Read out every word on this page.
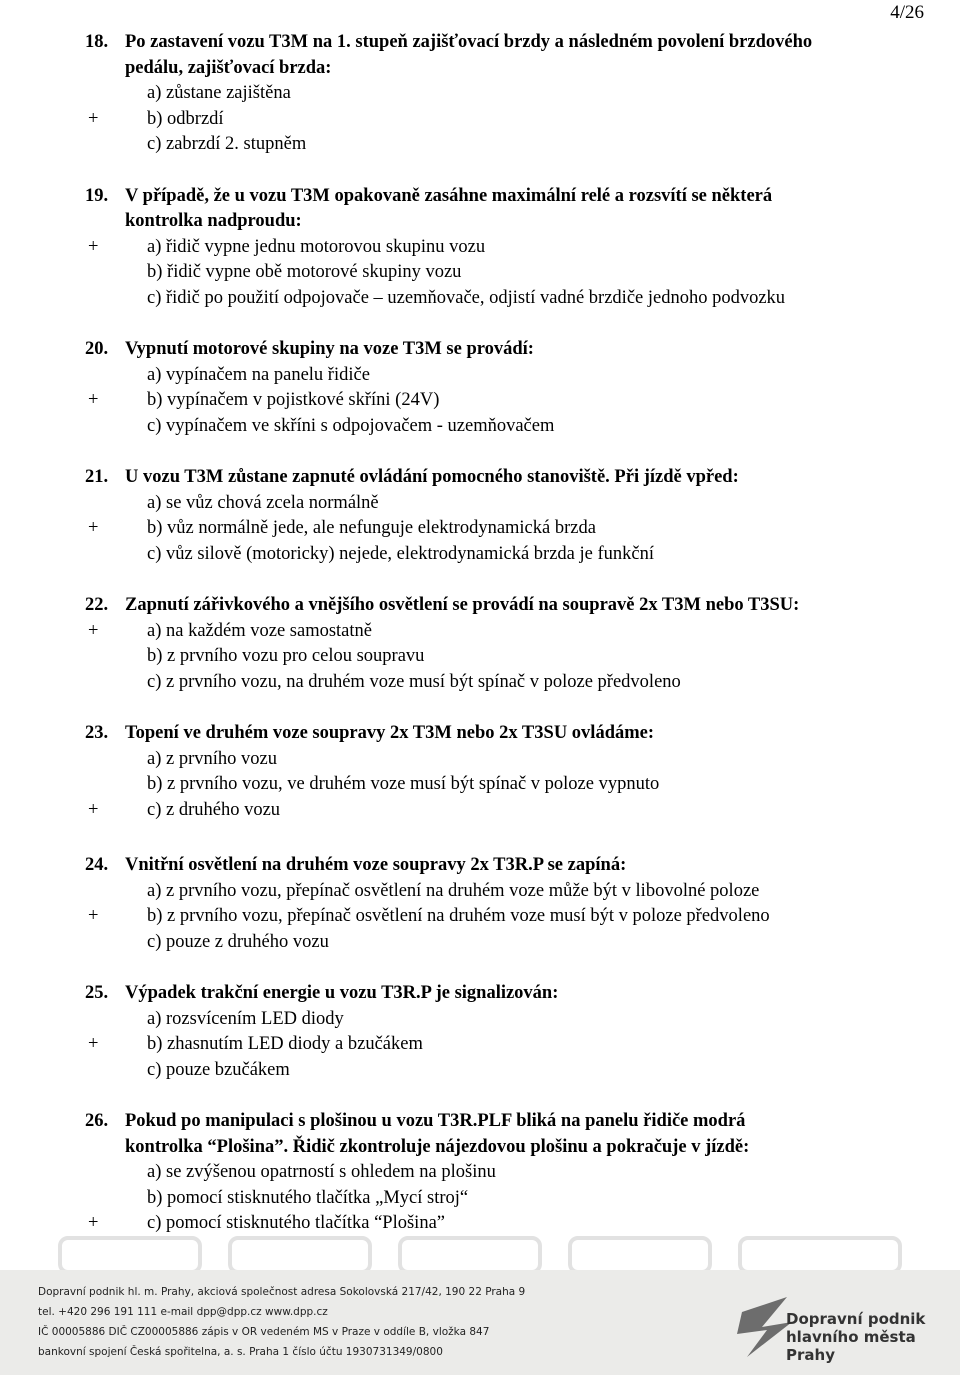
4/26
18. Po zastavení vozu T3M na 1. stupeň zajišťovací brzdy a následném povolení brzdového
pedálu, zajišťovací brzda:
a) zůstane zajištěna
+	b) odbrzdí
c) zabrzdí 2. stupněm
19. V případě, že u vozu T3M opakovaně zasáhne maximální relé a rozsvítí se některá
kontrolka nadproudu:
+	a) řidič vypne jednu motorovou skupinu vozu
b) řidič vypne obě motorové skupiny vozu
c) řidič po použití odpojovače – uzemňovače, odjistí vadné brzdiče jednoho podvozku
20. Vypnutí motorové skupiny na voze T3M se provádí:
a) vypínačem na panelu řidiče
+	b) vypínačem v pojistkové skříni (24V)
c) vypínačem ve skříni s odpojovačem - uzemňovačem
21. U vozu T3M zůstane zapnuté ovládání pomocného stanoviště. Při jízdě vpřed:
a) se vůz chová zcela normálně
+	b) vůz normálně jede, ale nefunguje elektrodynamická brzda
c) vůz silově (motoricky) nejede, elektrodynamická brzda je funkční
22. Zapnutí zářivkového a vnějšího osvětlení se provádí na soupravě 2x T3M nebo T3SU:
+	a) na každém voze samostatně
b) z prvního vozu pro celou soupravu
c) z prvního vozu, na druhém voze musí být spínač v poloze předvoleno
23. Topení ve druhém voze soupravy 2x T3M nebo 2x T3SU ovládáme:
a) z prvního vozu
b) z prvního vozu, ve druhém voze musí být spínač v poloze vypnuto
+	c) z druhého vozu
24. Vnitřní osvětlení na druhém voze soupravy 2x T3R.P se zapíná:
a) z prvního vozu, přepínač osvětlení na druhém voze může být v libovolné poloze
+	b) z prvního vozu, přepínač osvětlení na druhém voze musí být v poloze předvoleno
c) pouze z druhého vozu
25. Výpadek trakční energie u vozu T3R.P je signalizován:
a) rozsvícením LED diody
+	b) zhasnutím LED diody a bzučákem
c) pouze bzučákem
26. Pokud po manipulaci s plošinou u vozu T3R.PLF bliká na panelu řidiče modrá
kontrolka “Plošina”. Řidič zkontroluje nájezdovou plošinu a pokračuje v jízdě:
a) se zvýšenou opatrností s ohledem na plošinu
b) pomocí stisknutého tlačítka „Mycí stroj“
+	c) pomocí stisknutého tlačítka “Plošina”
Dopravní podnik hl. m. Prahy, akciová společnost adresa Sokolovská 217/42, 190 22 Praha 9
tel. +420 296 191 111 e-mail dpp@dpp.cz www.dpp.cz
IČ 00005886 DIČ CZ00005886 zápis v OR vedeném MS v Praze v oddíle B, vložka 847
bankovní spojení Česká spořitelna, a. s. Praha 1 číslo účtu 1930731349/0800
Dopravní podnik
hlavního města Prahy
